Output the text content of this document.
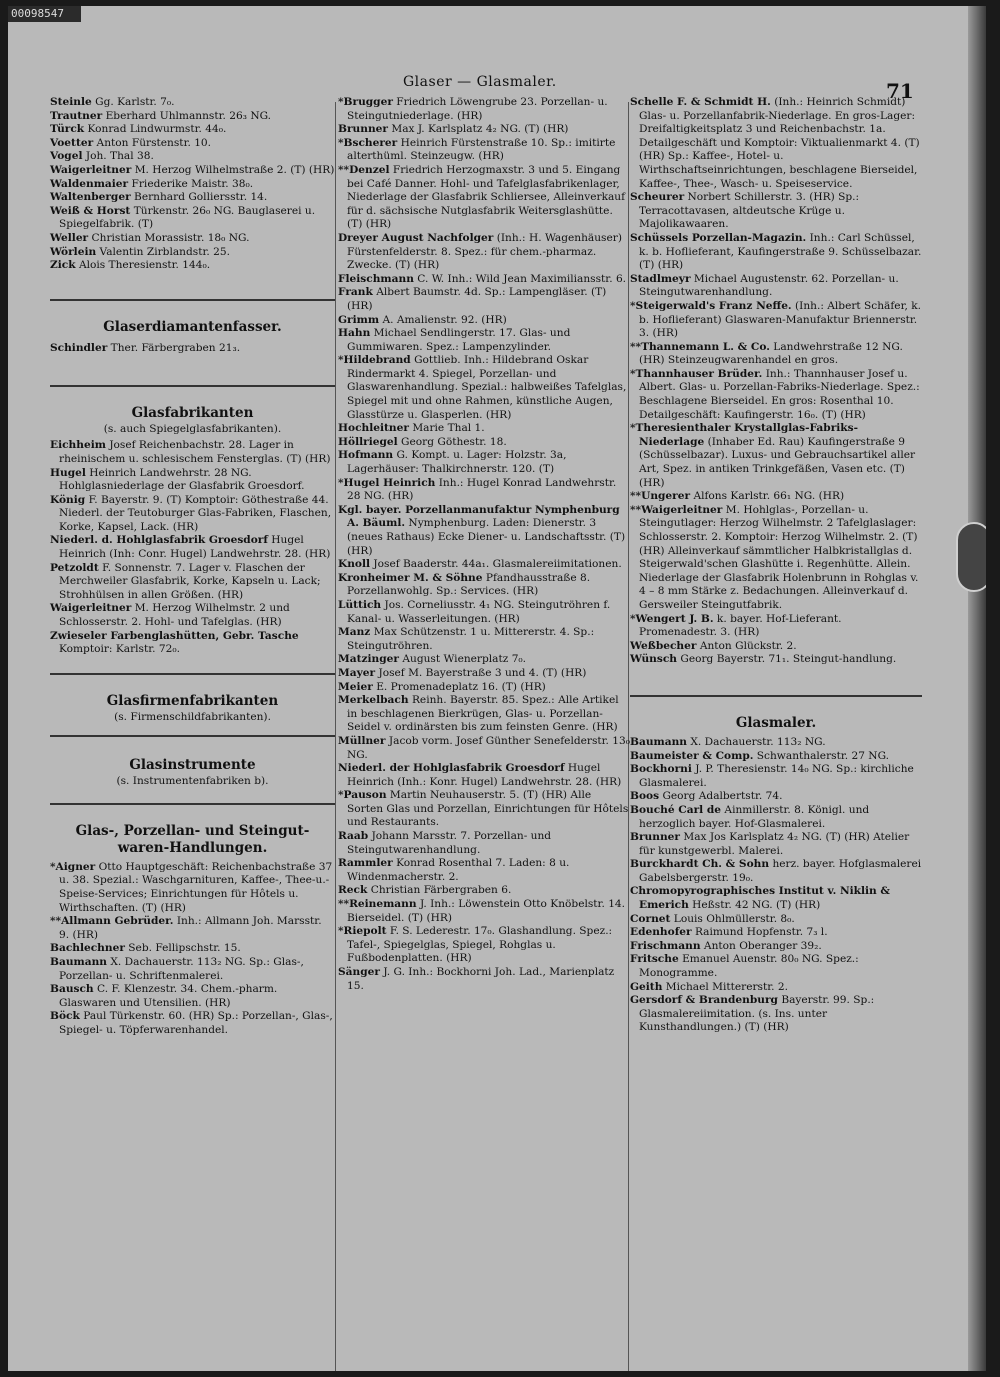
00098547
Glaser — Glasmaler.	71

Steinle Gg. Karlstr. 7₀.

Trautner Eberhard Uhlmannstr. 26₃ NG.

Türck Konrad Lindwurmstr. 44₀.

Voetter Anton Fürstenstr. 10.

Vogel Joh. Thal 38.

Waigerleitner M. Herzog Wilhelmstraße 2. (T) (HR)

Waldenmaier Friederike Maistr. 38₀.

Waltenberger Bernhard Golliersstr. 14.

Weiß & Horst Türkenstr. 26₀ NG. Bauglaserei u. Spiegelfabrik. (T)

Weller Christian Morassistr. 18₀ NG.

Wörlein Valentin Zirblandstr. 25.

Zick Alois Theresienstr. 144₀.

Glaserdiamantenfasser.

Schindler Ther. Färbergraben 21₃.

Glasfabrikanten

(s. auch Spiegelglasfabrikanten).

Eichheim Josef Reichenbachstr. 28. Lager in rheinischem u. schlesischem Fensterglas. (T) (HR)

Hugel Heinrich Landwehrstr. 28 NG. Hohlglasniederlage der Glasfabrik Groesdorf.

König F. Bayerstr. 9. (T) Komptoir: Göthestraße 44. Niederl. der Teutoburger Glas-Fabriken, Flaschen, Korke, Kapsel, Lack. (HR)

Niederl. d. Hohlglasfabrik Groesdorf Hugel Heinrich (Inh: Conr. Hugel) Landwehrstr. 28. (HR)

Petzoldt F. Sonnenstr. 7. Lager v. Flaschen der Merchweiler Glasfabrik, Korke, Kapseln u. Lack; Strohhülsen in allen Größen. (HR)

Waigerleitner M. Herzog Wilhelmstr. 2 und Schlosserstr. 2. Hohl- und Tafelglas. (HR)

Zwieseler Farbenglashütten, Gebr. Tasche Komptoir: Karlstr. 72₀.

Glasfirmenfabrikanten

(s. Firmenschildfabrikanten).

Glasinstrumente

(s. Instrumentenfabriken b).

Glas-, Porzellan- und Steingut-waren-Handlungen.

*Aigner Otto Hauptgeschäft: Reichenbachstraße 37 u. 38. Spezial.: Waschgarnituren, Kaffee-, Thee-u.-Speise-Services; Einrichtungen für Hôtels u. Wirthschaften. (T) (HR)

**Allmann Gebrüder. Inh.: Allmann Joh. Marsstr. 9. (HR)

Bachlechner Seb. Fellipschstr. 15.

Baumann X. Dachauerstr. 113₂ NG. Sp.: Glas-, Porzellan- u. Schriftenmalerei.

Bausch C. F. Klenzestr. 34. Chem.-pharm. Glaswaren und Utensilien. (HR)

Böck Paul Türkenstr. 60. (HR) Sp.: Porzellan-, Glas-, Spiegel- u. Töpferwarenhandel.

*Brugger Friedrich Löwengrube 23. Porzellan- u. Steingutniederlage. (HR)

Brunner Max J. Karlsplatz 4₂ NG. (T) (HR)

*Bscherer Heinrich Fürstenstraße 10. Sp.: imitirte alterthüml. Steinzeugw. (HR)

**Denzel Friedrich Herzogmaxstr. 3 und 5. Eingang bei Café Danner. Hohl- und Tafelglasfabrikenlager, Niederlage der Glasfabrik Schliersee, Alleinverkauf für d. sächsische Nutglasfabrik Weitersglashütte. (T) (HR)

Dreyer August Nachfolger (Inh.: H. Wagenhäuser) Fürstenfelderstr. 8. Spez.: für chem.-pharmaz. Zwecke. (T) (HR)

Fleischmann C. W. Inh.: Wild Jean Maximiliansstr. 6.

Frank Albert Baumstr. 4d. Sp.: Lampengläser. (T) (HR)

Grimm A. Amalienstr. 92. (HR)

Hahn Michael Sendlingerstr. 17. Glas- und Gummiwaren. Spez.: Lampenzylinder.

*Hildebrand Gottlieb. Inh.: Hildebrand Oskar Rindermarkt 4. Spiegel, Porzellan- und Glaswarenhandlung. Spezial.: halbweißes Tafelglas, Spiegel mit und ohne Rahmen, künstliche Augen, Glasstürze u. Glasperlen. (HR)

Hochleitner Marie Thal 1.

Höllriegel Georg Göthestr. 18.

Hofmann G. Kompt. u. Lager: Holzstr. 3a, Lagerhäuser: Thalkirchnerstr. 120. (T)

*Hugel Heinrich Inh.: Hugel Konrad Landwehrstr. 28 NG. (HR)

Kgl. bayer. Porzellanmanufaktur Nymphenburg A. Bäuml. Nymphenburg. Laden: Dienerstr. 3 (neues Rathaus) Ecke Diener- u. Landschaftsstr. (T) (HR)

Knoll Josef Baaderstr. 44a₁. Glasmalereiimitationen.

Kronheimer M. & Söhne Pfandhausstraße 8. Porzellanwohlg. Sp.: Services. (HR)

Lüttich Jos. Corneliusstr. 4₁ NG. Steingutröhren f. Kanal- u. Wasserleitungen. (HR)

Manz Max Schützenstr. 1 u. Mittererstr. 4. Sp.: Steingutröhren.

Matzinger August Wienerplatz 7₀.

Mayer Josef M. Bayerstraße 3 und 4. (T) (HR)

Meier E. Promenadeplatz 16. (T) (HR)

Merkelbach Reinh. Bayerstr. 85. Spez.: Alle Artikel in beschlagenen Bierkrügen, Glas- u. Porzellan-Seidel v. ordinärsten bis zum feinsten Genre. (HR)

Müllner Jacob vorm. Josef Günther Senefelderstr. 13₀ NG.

Niederl. der Hohlglasfabrik Groesdorf Hugel Heinrich (Inh.: Konr. Hugel) Landwehrstr. 28. (HR)

*Pauson Martin Neuhauserstr. 5. (T) (HR) Alle Sorten Glas und Porzellan, Einrichtungen für Hôtels und Restaurants.

Raab Johann Marsstr. 7. Porzellan- und Steingutwarenhandlung.

Rammler Konrad Rosenthal 7. Laden: 8 u. Windenmacherstr. 2.

Reck Christian Färbergraben 6.

**Reinemann J. Inh.: Löwenstein Otto Knöbelstr. 14. Bierseidel. (T) (HR)

*Riepolt F. S. Lederestr. 17₀. Glashandlung. Spez.: Tafel-, Spiegelglas, Spiegel, Rohglas u. Fußbodenplatten. (HR)

Sänger J. G. Inh.: Bockhorni Joh. Lad., Marienplatz 15.

Schelle F. & Schmidt H. (Inh.: Heinrich Schmidt) Glas- u. Porzellanfabrik-Niederlage. En gros-Lager: Dreifaltigkeitsplatz 3 und Reichenbachstr. 1a. Detailgeschäft und Komptoir: Viktualienmarkt 4. (T) (HR) Sp.: Kaffee-, Hotel- u. Wirthschaftseinrichtungen, beschlagene Bierseidel, Kaffee-, Thee-, Wasch- u. Speiseservice.

Scheurer Norbert Schillerstr. 3. (HR) Sp.: Terracottavasen, altdeutsche Krüge u. Majolikawaaren.

Schüssels Porzellan-Magazin. Inh.: Carl Schüssel, k. b. Hoflieferant, Kaufingerstraße 9. Schüsselbazar. (T) (HR)

Stadlmeyr Michael Augustenstr. 62. Porzellan- u. Steingutwarenhandlung.

*Steigerwald's Franz Neffe. (Inh.: Albert Schäfer, k. b. Hoflieferant) Glaswaren-Manufaktur Briennerstr. 3. (HR)

**Thannemann L. & Co. Landwehrstraße 12 NG. (HR) Steinzeugwarenhandel en gros.

*Thannhauser Brüder. Inh.: Thannhauser Josef u. Albert. Glas- u. Porzellan-Fabriks-Niederlage. Spez.: Beschlagene Bierseidel. En gros: Rosenthal 10. Detailgeschäft: Kaufingerstr. 16₀. (T) (HR)

*Theresienthaler Krystallglas-Fabriks-Niederlage (Inhaber Ed. Rau) Kaufingerstraße 9 (Schüsselbazar). Luxus- und Gebrauchsartikel aller Art, Spez. in antiken Trinkgefäßen, Vasen etc. (T) (HR)

**Ungerer Alfons Karlstr. 66₁ NG. (HR)

**Waigerleitner M. Hohlglas-, Porzellan- u. Steingutlager: Herzog Wilhelmstr. 2 Tafelglaslager: Schlosserstr. 2. Komptoir: Herzog Wilhelmstr. 2. (T) (HR) Alleinverkauf sämmtlicher Halbkristallglas d. Steigerwald'schen Glashütte i. Regenhütte. Allein. Niederlage der Glasfabrik Holenbrunn in Rohglas v. 4 – 8 mm Stärke z. Bedachungen. Alleinverkauf d. Gersweiler Steingutfabrik.

*Wengert J. B. k. bayer. Hof-Lieferant. Promenadestr. 3. (HR)

Weßbecher Anton Glückstr. 2.

Wünsch Georg Bayerstr. 71₁. Steingut-handlung.

Glasmaler.

Baumann X. Dachauerstr. 113₂ NG.

Baumeister & Comp. Schwanthalerstr. 27 NG.

Bockhorni J. P. Theresienstr. 14₀ NG. Sp.: kirchliche Glasmalerei.

Boos Georg Adalbertstr. 74.

Bouché Carl de Ainmillerstr. 8. Königl. und herzoglich bayer. Hof-Glasmalerei.

Brunner Max Jos Karlsplatz 4₂ NG. (T) (HR) Atelier für kunstgewerbl. Malerei.

Burckhardt Ch. & Sohn herz. bayer. Hofglasmalerei Gabelsbergerstr. 19₀.

Chromopyrographisches Institut v. Niklin & Emerich Heßstr. 42 NG. (T) (HR)

Cornet Louis Ohlmüllerstr. 8₀.

Edenhofer Raimund Hopfenstr. 7₃ l.

Frischmann Anton Oberanger 39₂.

Fritsche Emanuel Auenstr. 80₀ NG. Spez.: Monogramme.

Geith Michael Mittererstr. 2.

Gersdorf & Brandenburg Bayerstr. 99. Sp.: Glasmalereiimitation. (s. Ins. unter Kunsthandlungen.) (T) (HR)
